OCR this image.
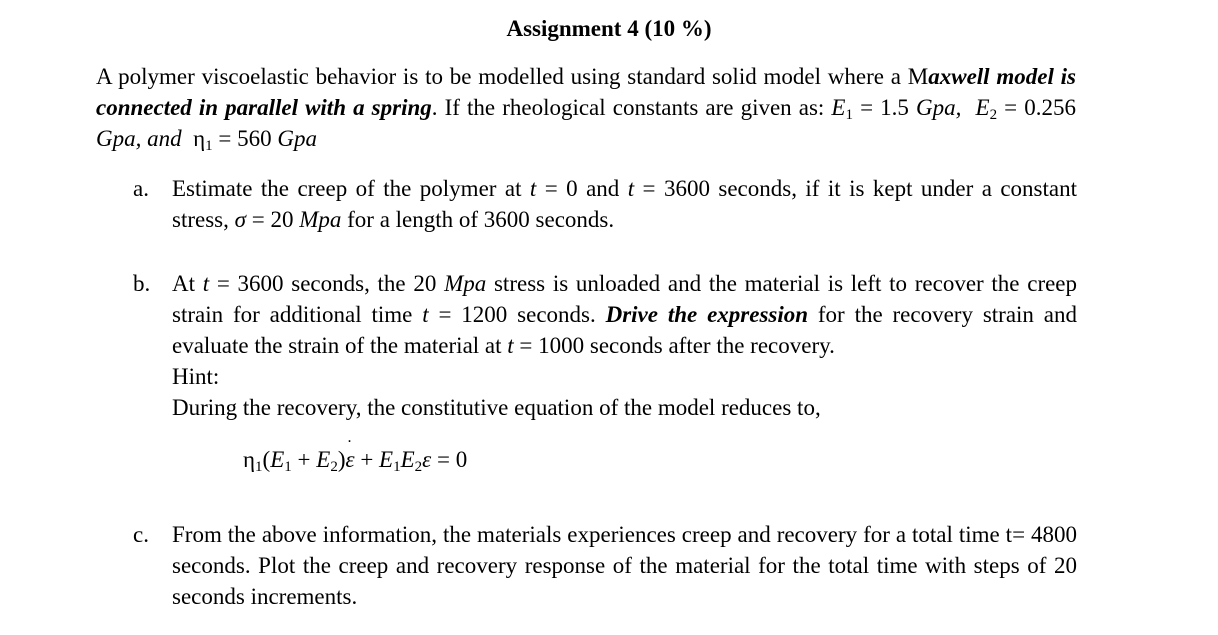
Assignment 4 (10 %)
A polymer viscoelastic behavior is to be modelled using standard solid model where a Maxwell model is connected in parallel with a spring. If the rheological constants are given as: $E_1 = 1.5$ Gpa, $E_2 = 0.256$ Gpa, and $\eta_1 = 560$ Gpa
a. Estimate the creep of the polymer at t = 0 and t = 3600 seconds, if it is kept under a constant stress, σ = 20 Mpa for a length of 3600 seconds.
b. At t = 3600 seconds, the 20 Mpa stress is unloaded and the material is left to recover the creep strain for additional time t = 1200 seconds. Drive the expression for the recovery strain and evaluate the strain of the material at t = 1000 seconds after the recovery.
Hint:
During the recovery, the constitutive equation of the model reduces to,
$\eta_1(E_1$ + $E_2)˙$ $\varepsilon + E_1E_2\varepsilon = 0$
c. From the above information, the materials experiences creep and recovery for a total time t= 4800 seconds. Plot the creep and recovery response of the material for the total time with steps of 20 seconds increments.
